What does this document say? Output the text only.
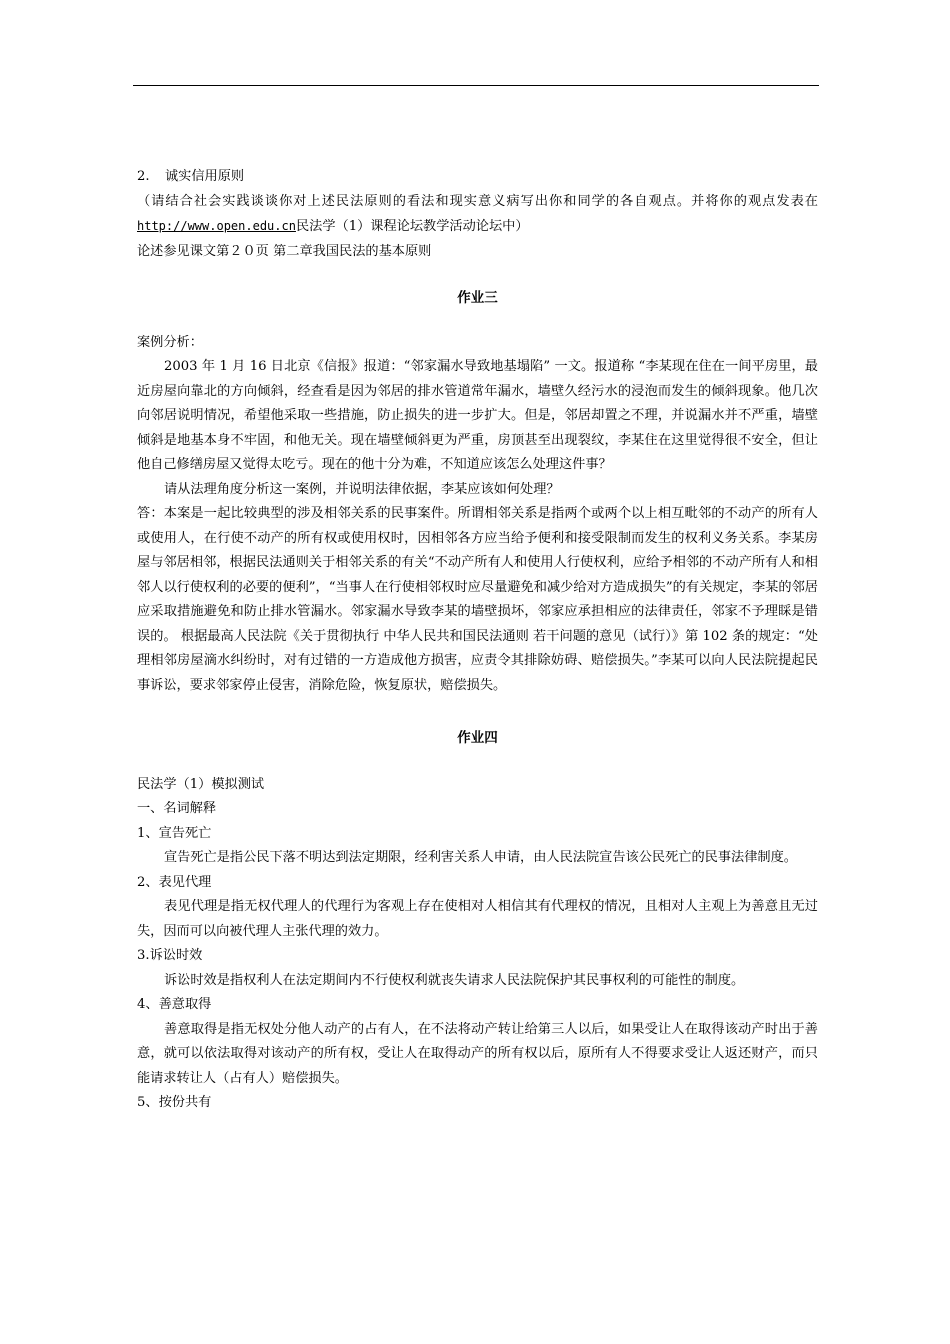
2. 诚实信用原则

（请结合社会实践谈谈你对上述民法原则的看法和现实意义病写出你和同学的各自观点。并将你的观点发表在 http://www.open.edu.cn民法学（1）课程论坛教学活动论坛中）

论述参见课文第２０页 第二章我国民法的基本原则

作业三

案例分析：

2003 年 1 月 16 日北京《信报》报道：“邻家漏水导致地基塌陷” 一文。报道称 “李某现在住在一间平房里，最近房屋向靠北的方向倾斜，经查看是因为邻居的排水管道常年漏水，墙壁久经污水的浸泡而发生的倾斜现象。他几次向邻居说明情况，希望他采取一些措施，防止损失的进一步扩大。但是，邻居却置之不理，并说漏水并不严重，墙壁倾斜是地基本身不牢固，和他无关。现在墙壁倾斜更为严重，房顶甚至出现裂纹，李某住在这里觉得很不安全，但让他自己修缮房屋又觉得太吃亏。现在的他十分为难，不知道应该怎么处理这件事？

请从法理角度分析这一案例，并说明法律依据，李某应该如何处理？

答：本案是一起比较典型的涉及相邻关系的民事案件。所谓相邻关系是指两个或两个以上相互毗邻的不动产的所有人或使用人，在行使不动产的所有权或使用权时，因相邻各方应当给予便利和接受限制而发生的权利义务关系。李某房屋与邻居相邻，根据民法通则关于相邻关系的有关“不动产所有人和使用人行使权利，应给予相邻的不动产所有人和相邻人以行使权利的必要的便利”，“当事人在行使相邻权时应尽量避免和减少给对方造成损失”的有关规定，李某的邻居应采取措施避免和防止排水管漏水。邻家漏水导致李某的墙壁损坏，邻家应承担相应的法律责任，邻家不予理睬是错误的。 根据最高人民法院《关于贯彻执行 中华人民共和国民法通则 若干问题的意见（试行）》第 102 条的规定：“处理相邻房屋滴水纠纷时，对有过错的一方造成他方损害，应责令其排除妨碍、赔偿损失。”李某可以向人民法院提起民事诉讼，要求邻家停止侵害，消除危险，恢复原状，赔偿损失。

作业四

民法学（1）模拟测试

一、名词解释

1、宣告死亡

宣告死亡是指公民下落不明达到法定期限，经利害关系人申请，由人民法院宣告该公民死亡的民事法律制度。

2、表见代理

表见代理是指无权代理人的代理行为客观上存在使相对人相信其有代理权的情况，且相对人主观上为善意且无过失，因而可以向被代理人主张代理的效力。

3.诉讼时效

诉讼时效是指权利人在法定期间内不行使权利就丧失请求人民法院保护其民事权利的可能性的制度。

4、善意取得

善意取得是指无权处分他人动产的占有人，在不法将动产转让给第三人以后，如果受让人在取得该动产时出于善意，就可以依法取得对该动产的所有权，受让人在取得动产的所有权以后，原所有人不得要求受让人返还财产，而只能请求转让人（占有人）赔偿损失。

5、按份共有
